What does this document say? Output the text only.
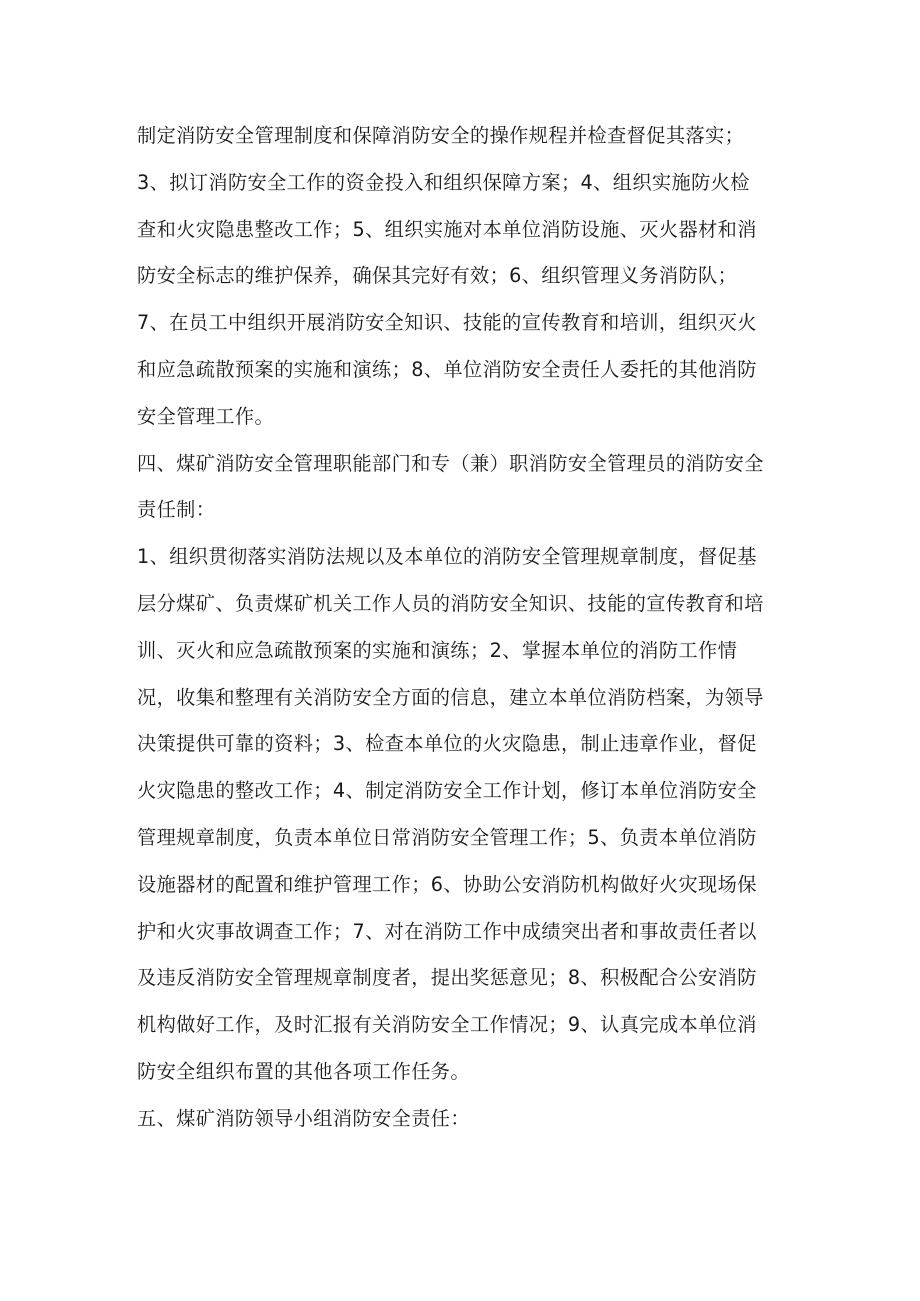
制定消防安全管理制度和保障消防安全的操作规程并检查督促其落实；
3、拟订消防安全工作的资金投入和组织保障方案；4、组织实施防火检
查和火灾隐患整改工作；5、组织实施对本单位消防设施、灭火器材和消
防安全标志的维护保养，确保其完好有效；6、组织管理义务消防队；
7、在员工中组织开展消防安全知识、技能的宣传教育和培训，组织灭火
和应急疏散预案的实施和演练；8、单位消防安全责任人委托的其他消防
安全管理工作。
四、煤矿消防安全管理职能部门和专（兼）职消防安全管理员的消防安全
责任制：
1、组织贯彻落实消防法规以及本单位的消防安全管理规章制度，督促基
层分煤矿、负责煤矿机关工作人员的消防安全知识、技能的宣传教育和培
训、灭火和应急疏散预案的实施和演练；2、掌握本单位的消防工作情
况，收集和整理有关消防安全方面的信息，建立本单位消防档案，为领导
决策提供可靠的资料；3、检查本单位的火灾隐患，制止违章作业，督促
火灾隐患的整改工作；4、制定消防安全工作计划，修订本单位消防安全
管理规章制度，负责本单位日常消防安全管理工作；5、负责本单位消防
设施器材的配置和维护管理工作；6、协助公安消防机构做好火灾现场保
护和火灾事故调查工作；7、对在消防工作中成绩突出者和事故责任者以
及违反消防安全管理规章制度者，提出奖惩意见；8、积极配合公安消防
机构做好工作，及时汇报有关消防安全工作情况；9、认真完成本单位消
防安全组织布置的其他各项工作任务。
五、煤矿消防领导小组消防安全责任：
